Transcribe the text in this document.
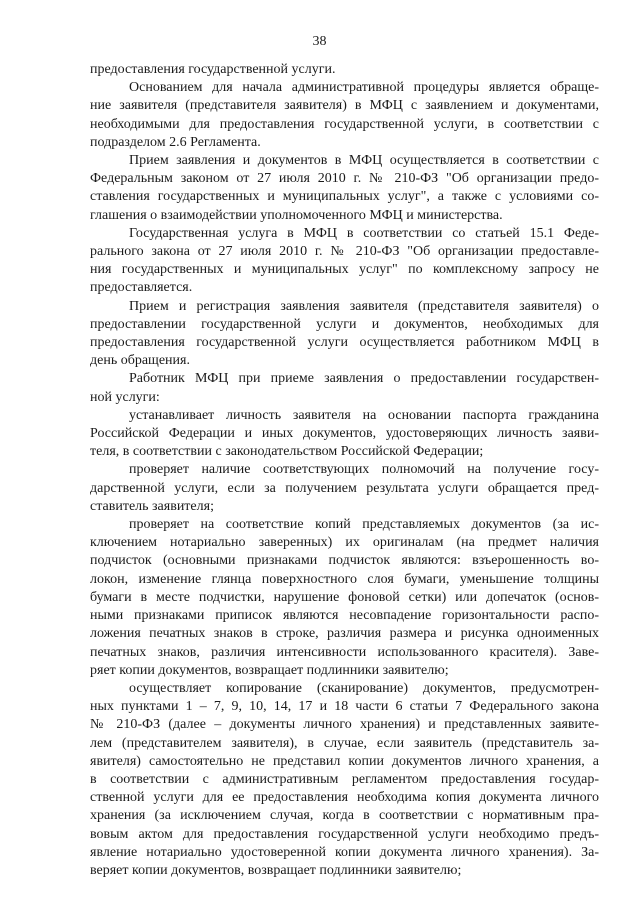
38
предоставления государственной услуги.
Основанием для начала административной процедуры является обраще-
ние заявителя (представителя заявителя) в МФЦ с заявлением и документами,
необходимыми для предоставления государственной услуги, в соответствии с
подразделом 2.6 Регламента.
Прием заявления и документов в МФЦ осуществляется в соответствии с
Федеральным законом от 27 июля 2010 г. № 210-ФЗ "Об организации предо-
ставления государственных и муниципальных услуг", а также с условиями со-
глашения о взаимодействии уполномоченного МФЦ и министерства.
Государственная услуга в МФЦ в соответствии со статьей 15.1 Феде-
рального закона от 27 июля 2010 г. № 210-ФЗ "Об организации предоставле-
ния государственных и муниципальных услуг" по комплексному запросу не
предоставляется.
Прием и регистрация заявления заявителя (представителя заявителя) о
предоставлении государственной услуги и документов, необходимых для
предоставления государственной услуги осуществляется работником МФЦ в
день обращения.
Работник МФЦ при приеме заявления о предоставлении государствен-
ной услуги:
устанавливает личность заявителя на основании паспорта гражданина
Российской Федерации и иных документов, удостоверяющих личность заяви-
теля, в соответствии с законодательством Российской Федерации;
проверяет наличие соответствующих полномочий на получение госу-
дарственной услуги, если за получением результата услуги обращается пред-
ставитель заявителя;
проверяет на соответствие копий представляемых документов (за ис-
ключением нотариально заверенных) их оригиналам (на предмет наличия
подчисток (основными признаками подчисток являются: взъерошенность во-
локон, изменение глянца поверхностного слоя бумаги, уменьшение толщины
бумаги в месте подчистки, нарушение фоновой сетки) или допечаток (основ-
ными признаками приписок являются несовпадение горизонтальности распо-
ложения печатных знаков в строке, различия размера и рисунка одноименных
печатных знаков, различия интенсивности использованного красителя). Заве-
ряет копии документов, возвращает подлинники заявителю;
осуществляет копирование (сканирование) документов, предусмотрен-
ных пунктами 1 – 7, 9, 10, 14, 17 и 18 части 6 статьи 7 Федерального закона
№ 210-ФЗ (далее – документы личного хранения) и представленных заявите-
лем (представителем заявителя), в случае, если заявитель (представитель за-
явителя) самостоятельно не представил копии документов личного хранения, а
в соответствии с административным регламентом предоставления государ-
ственной услуги для ее предоставления необходима копия документа личного
хранения (за исключением случая, когда в соответствии с нормативным пра-
вовым актом для предоставления государственной услуги необходимо предъ-
явление нотариально удостоверенной копии документа личного хранения). За-
веряет копии документов, возвращает подлинники заявителю;
